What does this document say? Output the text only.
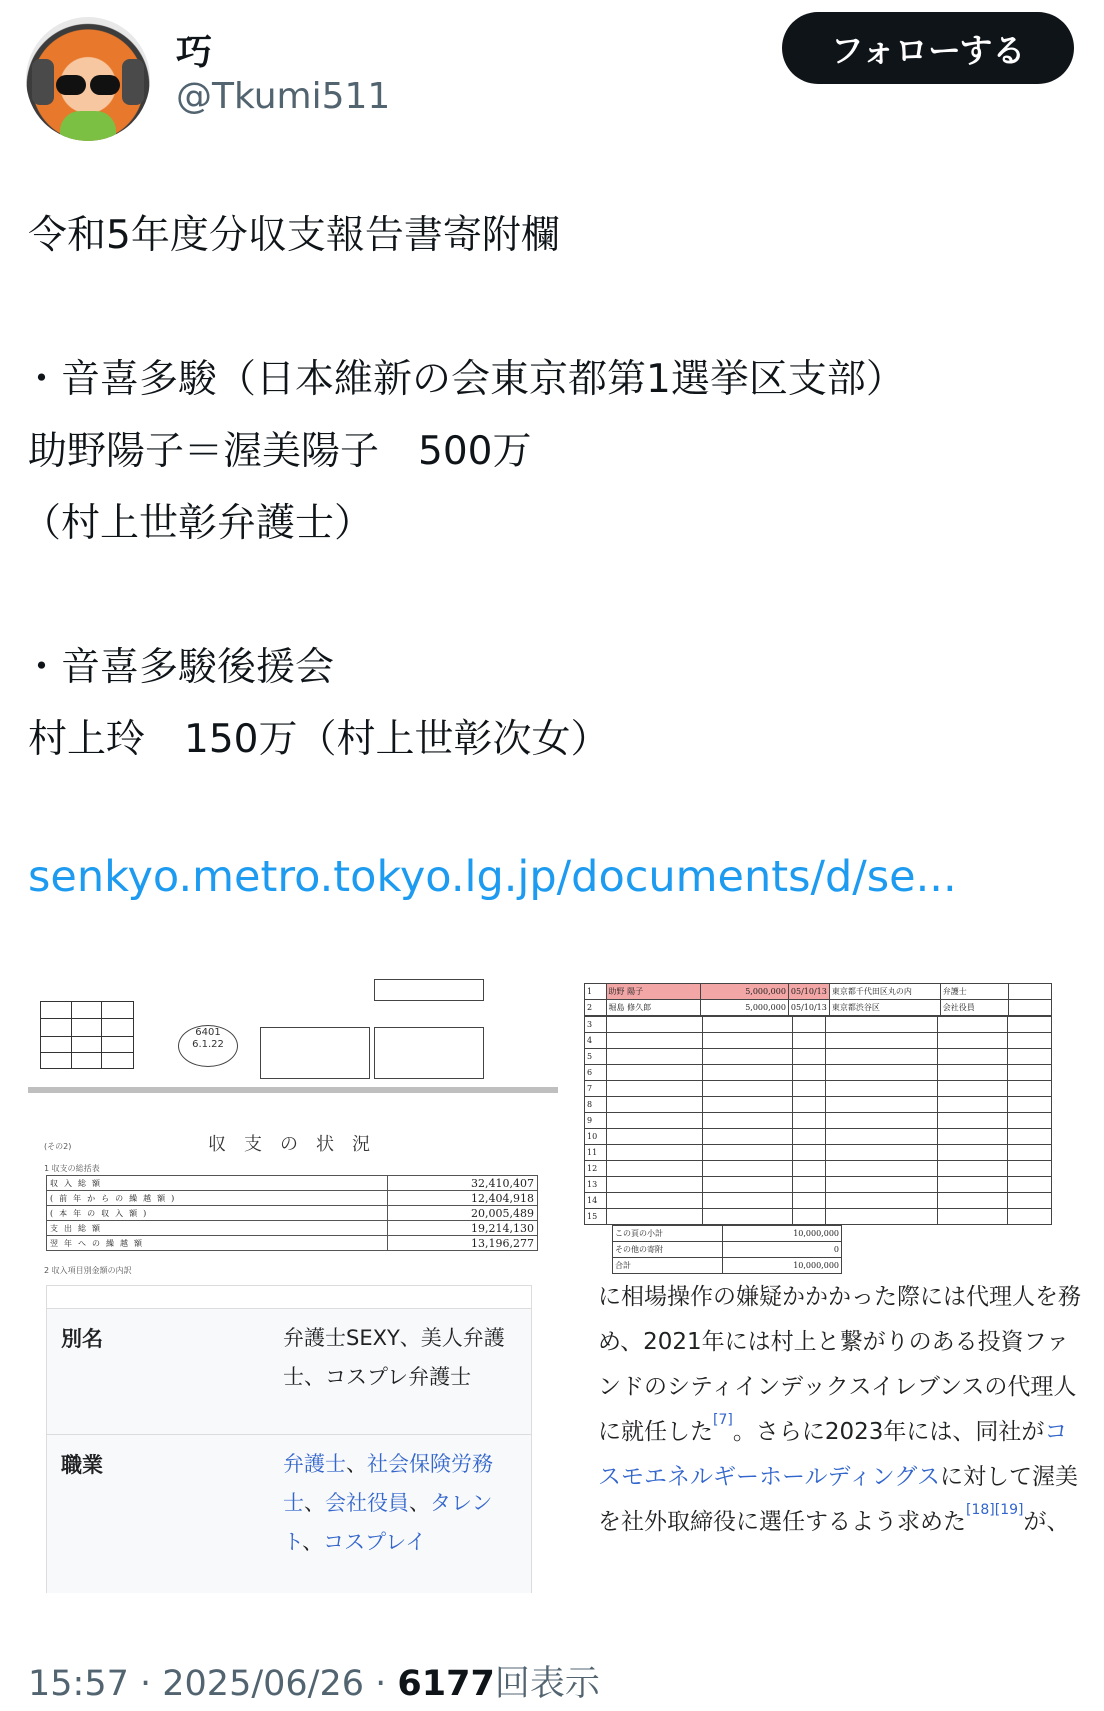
巧
@Tkumi511
フォローする
令和5年度分収支報告書寄附欄
・音喜多駿（日本維新の会東京都第1選挙区支部）
助野陽子＝渥美陽子　500万
（村上世彰弁護士）
・音喜多駿後援会
村上玲　150万（村上世彰次女）
senkyo.metro.tokyo.lg.jp/documents/d/se...
6401
6.1.22
(その2)	収支の状況
1 収支の総括表
収入総額	32,410,407
(前年からの繰越額)	12,404,918
(本年の収入額)	20,005,489
支出総額	19,214,130
翌年への繰越額	13,196,277
2 収入項目別金額の内訳
別名	弁護士SEXY、美人弁護士、コスプレ弁護士
職業	弁護士、社会保険労務士、会社役員、タレント、コスプレイ
1	助野 陽子	5,000,000	05/10/13	東京都千代田区丸の内	弁護士	
2	堀島 修久郎	5,000,000	05/10/13	東京都渋谷区	会社役員	
3						
4						
5						
6						
7						
8						
9						
10						
11						
12						
13						
14						
15						
この頁の小計	10,000,000
その他の寄附	0
合計	10,000,000
に相場操作の嫌疑かかかった際には代理人を務め、2021年には村上と繋がりのある投資ファンドのシティインデックスイレブンスの代理人に就任した[7]。さらに2023年には、同社がコスモエネルギーホールディングスに対して渥美を社外取締役に選任するよう求めた[18][19]が、
15:57 · 2025/06/26 · 6177回表示
